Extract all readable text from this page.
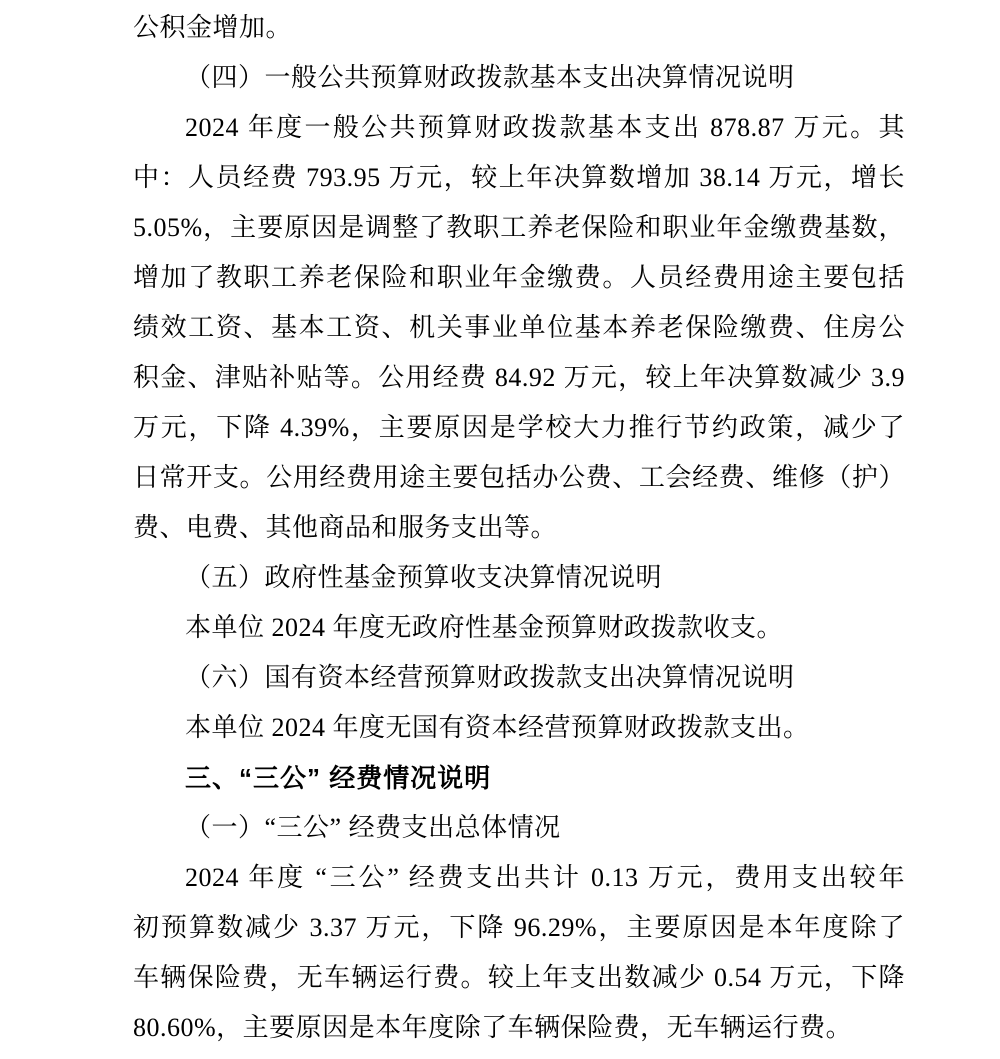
公积金增加。
（四）一般公共预算财政拨款基本支出决算情况说明
2024 年度一般公共预算财政拨款基本支出 878.87 万元。其
中：人员经费 793.95 万元，较上年决算数增加 38.14 万元，增长
5.05%，主要原因是调整了教职工养老保险和职业年金缴费基数，
增加了教职工养老保险和职业年金缴费。人员经费用途主要包括
绩效工资、基本工资、机关事业单位基本养老保险缴费、住房公
积金、津贴补贴等。公用经费 84.92 万元，较上年决算数减少 3.9
万元，下降 4.39%，主要原因是学校大力推行节约政策，减少了
日常开支。公用经费用途主要包括办公费、工会经费、维修（护）
费、电费、其他商品和服务支出等。
（五）政府性基金预算收支决算情况说明
本单位 2024 年度无政府性基金预算财政拨款收支。
（六）国有资本经营预算财政拨款支出决算情况说明
本单位 2024 年度无国有资本经营预算财政拨款支出。
三、“三公” 经费情况说明
（一）“三公” 经费支出总体情况
2024 年度 “三公” 经费支出共计 0.13 万元，费用支出较年
初预算数减少 3.37 万元，下降 96.29%，主要原因是本年度除了
车辆保险费，无车辆运行费。较上年支出数减少 0.54 万元，下降
80.60%，主要原因是本年度除了车辆保险费，无车辆运行费。
